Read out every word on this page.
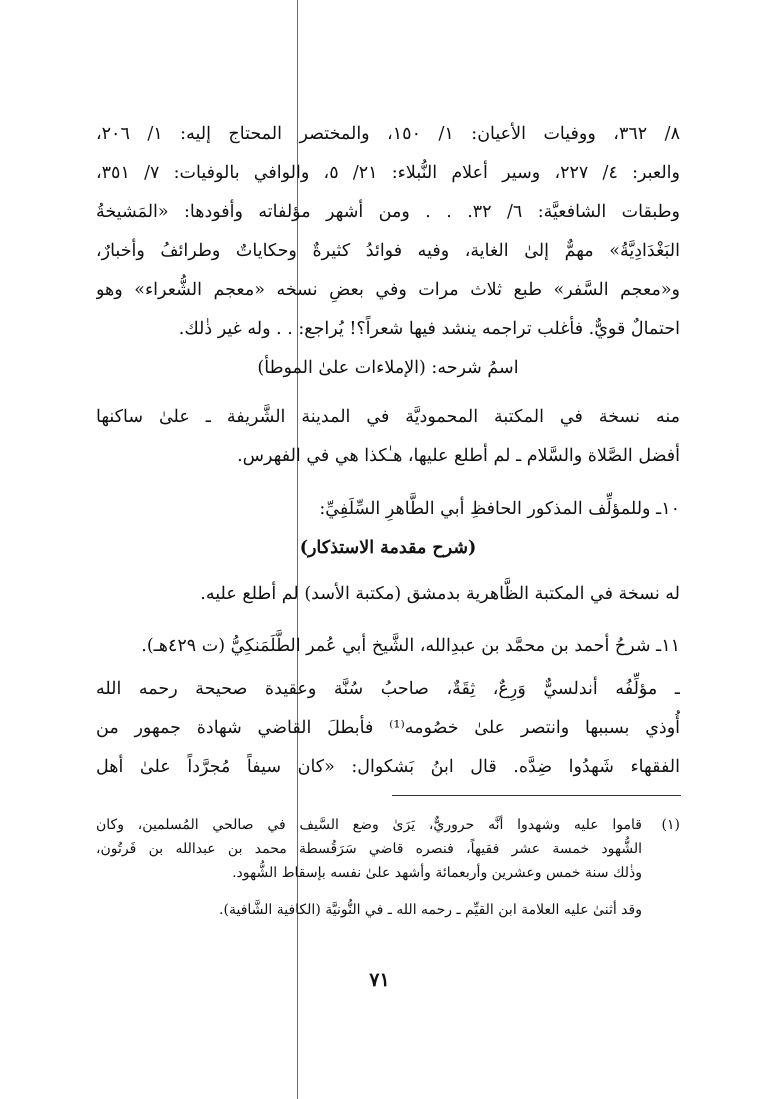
٨/ ٣٦٢، ووفيات الأعيان: ١/ ١٥٠، والمختصر المحتاج إليه: ١/ ٢٠٦،
والعبر: ٤/ ٢٢٧، وسير أعلام النُّبلاء: ٢١/ ٥، والوافي بالوفيات: ٧/ ٣٥١،
وطبقات الشافعيَّة: ٦/ ٣٢. . . ومن أشهر مؤلفاته وأفودها: «المَشيخةُ
البَغْدَادِيَّةُ» مهمٌّ إلىٰ الغاية، وفيه فوائدُ كثيرةٌ وحكاياتٌ وطرائفُ وأخبارٌ،
و«معجم السَّفر» طبع ثلاث مرات وفي بعضِ نسخه «معجم الشُّعراء» وهو
احتمالٌ قويٌّ. فأغلب تراجمه ينشد فيها شعراً؟! يُراجع: . . وله غير ذٰلك.
اسمُ شرحه: (الإملاءات علىٰ الموطأ)
منه نسخة في المكتبة المحموديَّة في المدينة الشَّريفة ـ علىٰ ساكنها
أفضل الصَّلاة والسَّلام ـ لم أطلع عليها، هـٰكذا هي في الفهرس.
١٠ـ وللمؤلِّف المذكور الحافظِ أبي الطَّاهرِ السِّلَفِيِّ:
(شرح مقدمة الاستذكار)
له نسخة في المكتبة الظَّاهرية بدمشق (مكتبة الأسد) لم أطلع عليه.
١١ـ شرحُ أحمد بن محمَّد بن عبدِالله، الشَّيخ أبي عُمر الطَّلَمَنكِيُّ (ت ٤٢٩هـ).
ـ مؤلِّفُه أندلسيٌّ وَرِعٌ، ثِقَةٌ، صاحبُ سُنَّة وعقيدة صحيحة رحمه الله
أُوذي بسببها وانتصر علىٰ خصُومه⁽¹⁾ فأبطلَ القاضي شهادة جمهور من
الفقهاء شَهدُوا ضِدَّه. قال ابنُ بَشكوال: «كان سيفاً مُجرَّداً علىٰ أهل
(١)
قاموا عليه وشهدوا أنَّه حروريٌّ، يَرَىٰ وضع السَّيف في صالحي المُسلمين، وكان
الشُّهود خمسة عشر فقيهاً، فنصره قاضي سَرَقُسطة محمد بن عبدالله بن فَرتُون،
وذٰلك سنة خمس وعشرين وأربعمائة وأشهد علىٰ نفسه بإسقاط الشُّهود.
وقد أثنىٰ عليه العلامة ابن القيِّم ـ رحمه الله ـ في النُّونيَّة (الكافية الشَّافية).
٧١
